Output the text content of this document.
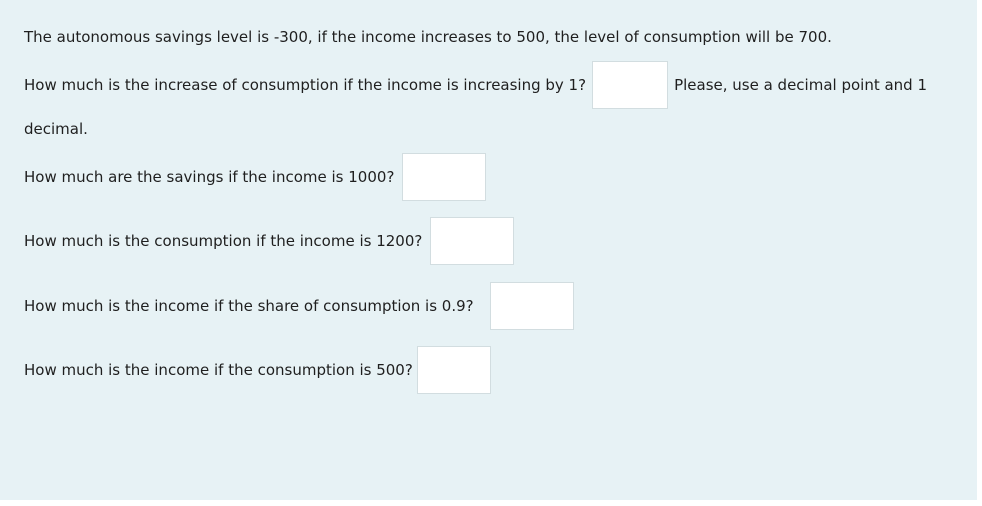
The autonomous savings level is -300, if the income increases to 500, the level of consumption will be 700.
How much is the increase of consumption if the income is increasing by 1?	Please, use a decimal point and 1
decimal.
How much are the savings if the income is 1000?
How much is the consumption if the income is 1200?
How much is the income if the share of consumption is 0.9?
How much is the income if the consumption is 500?
